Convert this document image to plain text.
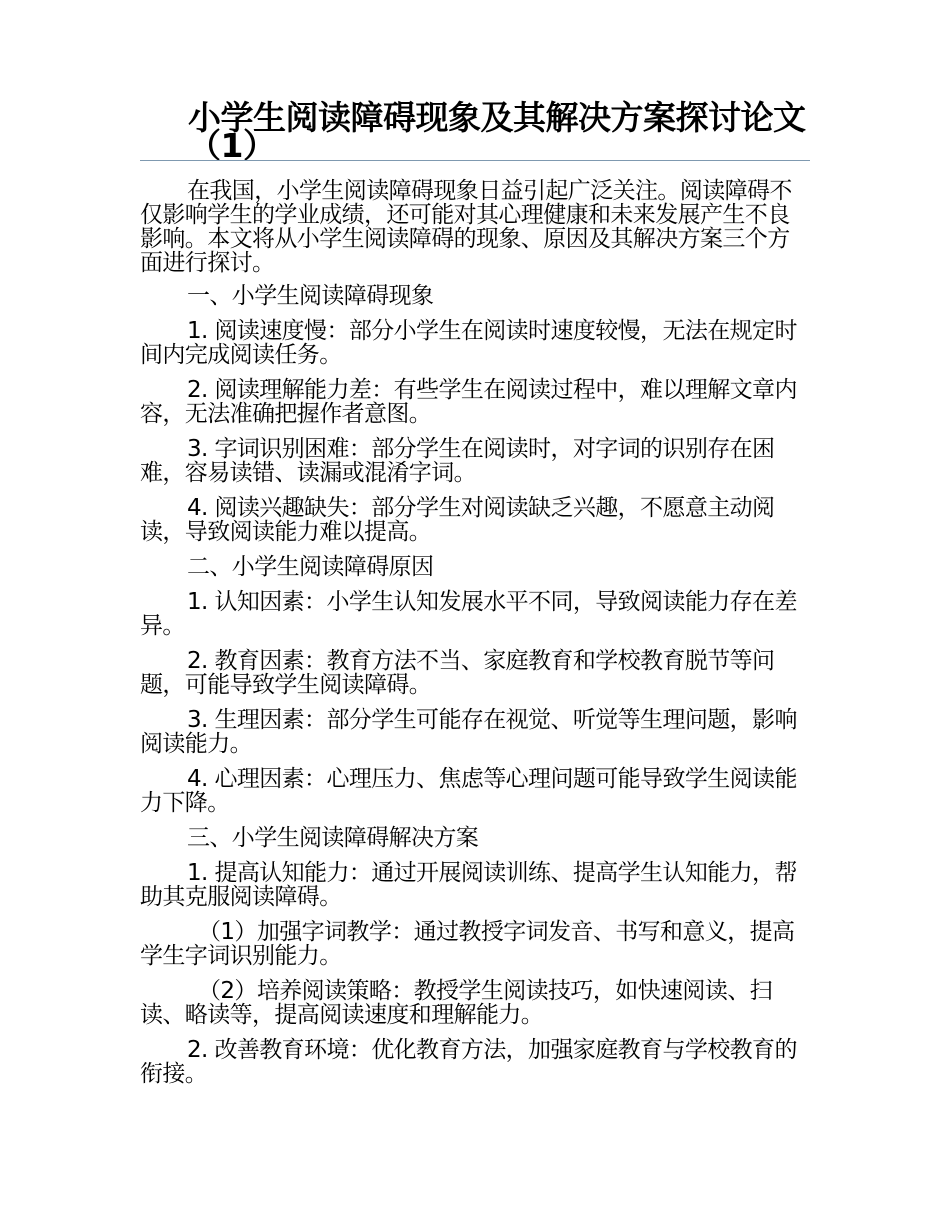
小学生阅读障碍现象及其解决方案探讨论文（1）

在我国，小学生阅读障碍现象日益引起广泛关注。阅读障碍不仅影响学生的学业成绩，还可能对其心理健康和未来发展产生不良影响。本文将从小学生阅读障碍的现象、原因及其解决方案三个方面进行探讨。

一、小学生阅读障碍现象

1. 阅读速度慢：部分小学生在阅读时速度较慢，无法在规定时间内完成阅读任务。

2. 阅读理解能力差：有些学生在阅读过程中，难以理解文章内容，无法准确把握作者意图。

3. 字词识别困难：部分学生在阅读时，对字词的识别存在困难，容易读错、读漏或混淆字词。

4. 阅读兴趣缺失：部分学生对阅读缺乏兴趣，不愿意主动阅读，导致阅读能力难以提高。

二、小学生阅读障碍原因

1. 认知因素：小学生认知发展水平不同，导致阅读能力存在差异。

2. 教育因素：教育方法不当、家庭教育和学校教育脱节等问题，可能导致学生阅读障碍。

3. 生理因素：部分学生可能存在视觉、听觉等生理问题，影响阅读能力。

4. 心理因素：心理压力、焦虑等心理问题可能导致学生阅读能力下降。

三、小学生阅读障碍解决方案

1. 提高认知能力：通过开展阅读训练、提高学生认知能力，帮助其克服阅读障碍。

（1）加强字词教学：通过教授字词发音、书写和意义，提高学生字词识别能力。

（2）培养阅读策略：教授学生阅读技巧，如快速阅读、扫读、略读等，提高阅读速度和理解能力。

2. 改善教育环境：优化教育方法，加强家庭教育与学校教育的衔接。
